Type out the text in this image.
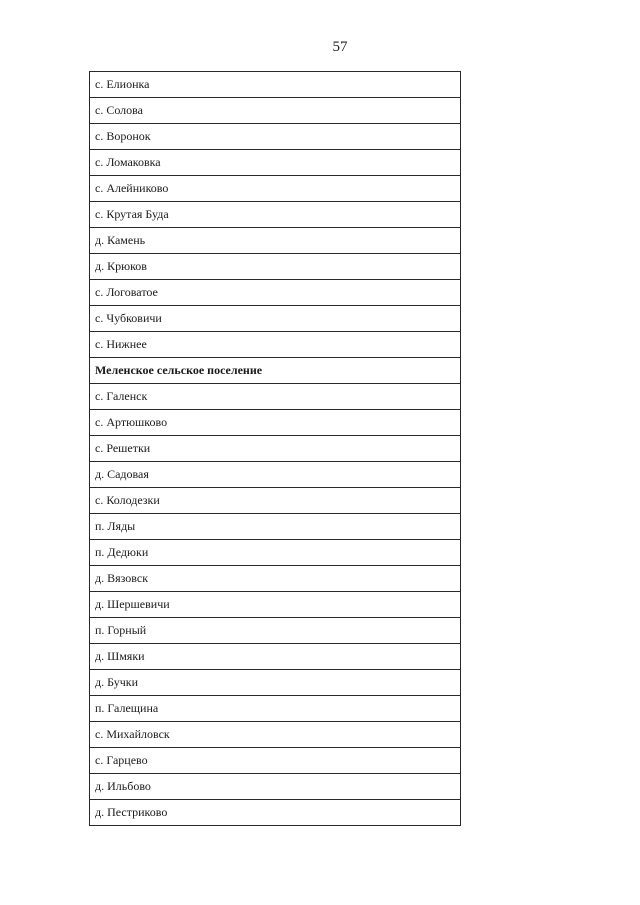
57
с. Елионка
с. Солова
с. Воронок
с. Ломаковка
с. Алейниково
с. Крутая Буда
д. Камень
д. Крюков
с. Логоватое
с. Чубковичи
с. Нижнее
Меленское сельское поселение
с. Галенск
с. Артюшково
с. Решетки
д. Садовая
с. Колодезки
п. Ляды
п. Дедюки
д. Вязовск
д. Шершевичи
п. Горный
д. Шмяки
д. Бучки
п. Галещина
с. Михайловск
с. Гарцево
д. Ильбово
д. Пестриково
